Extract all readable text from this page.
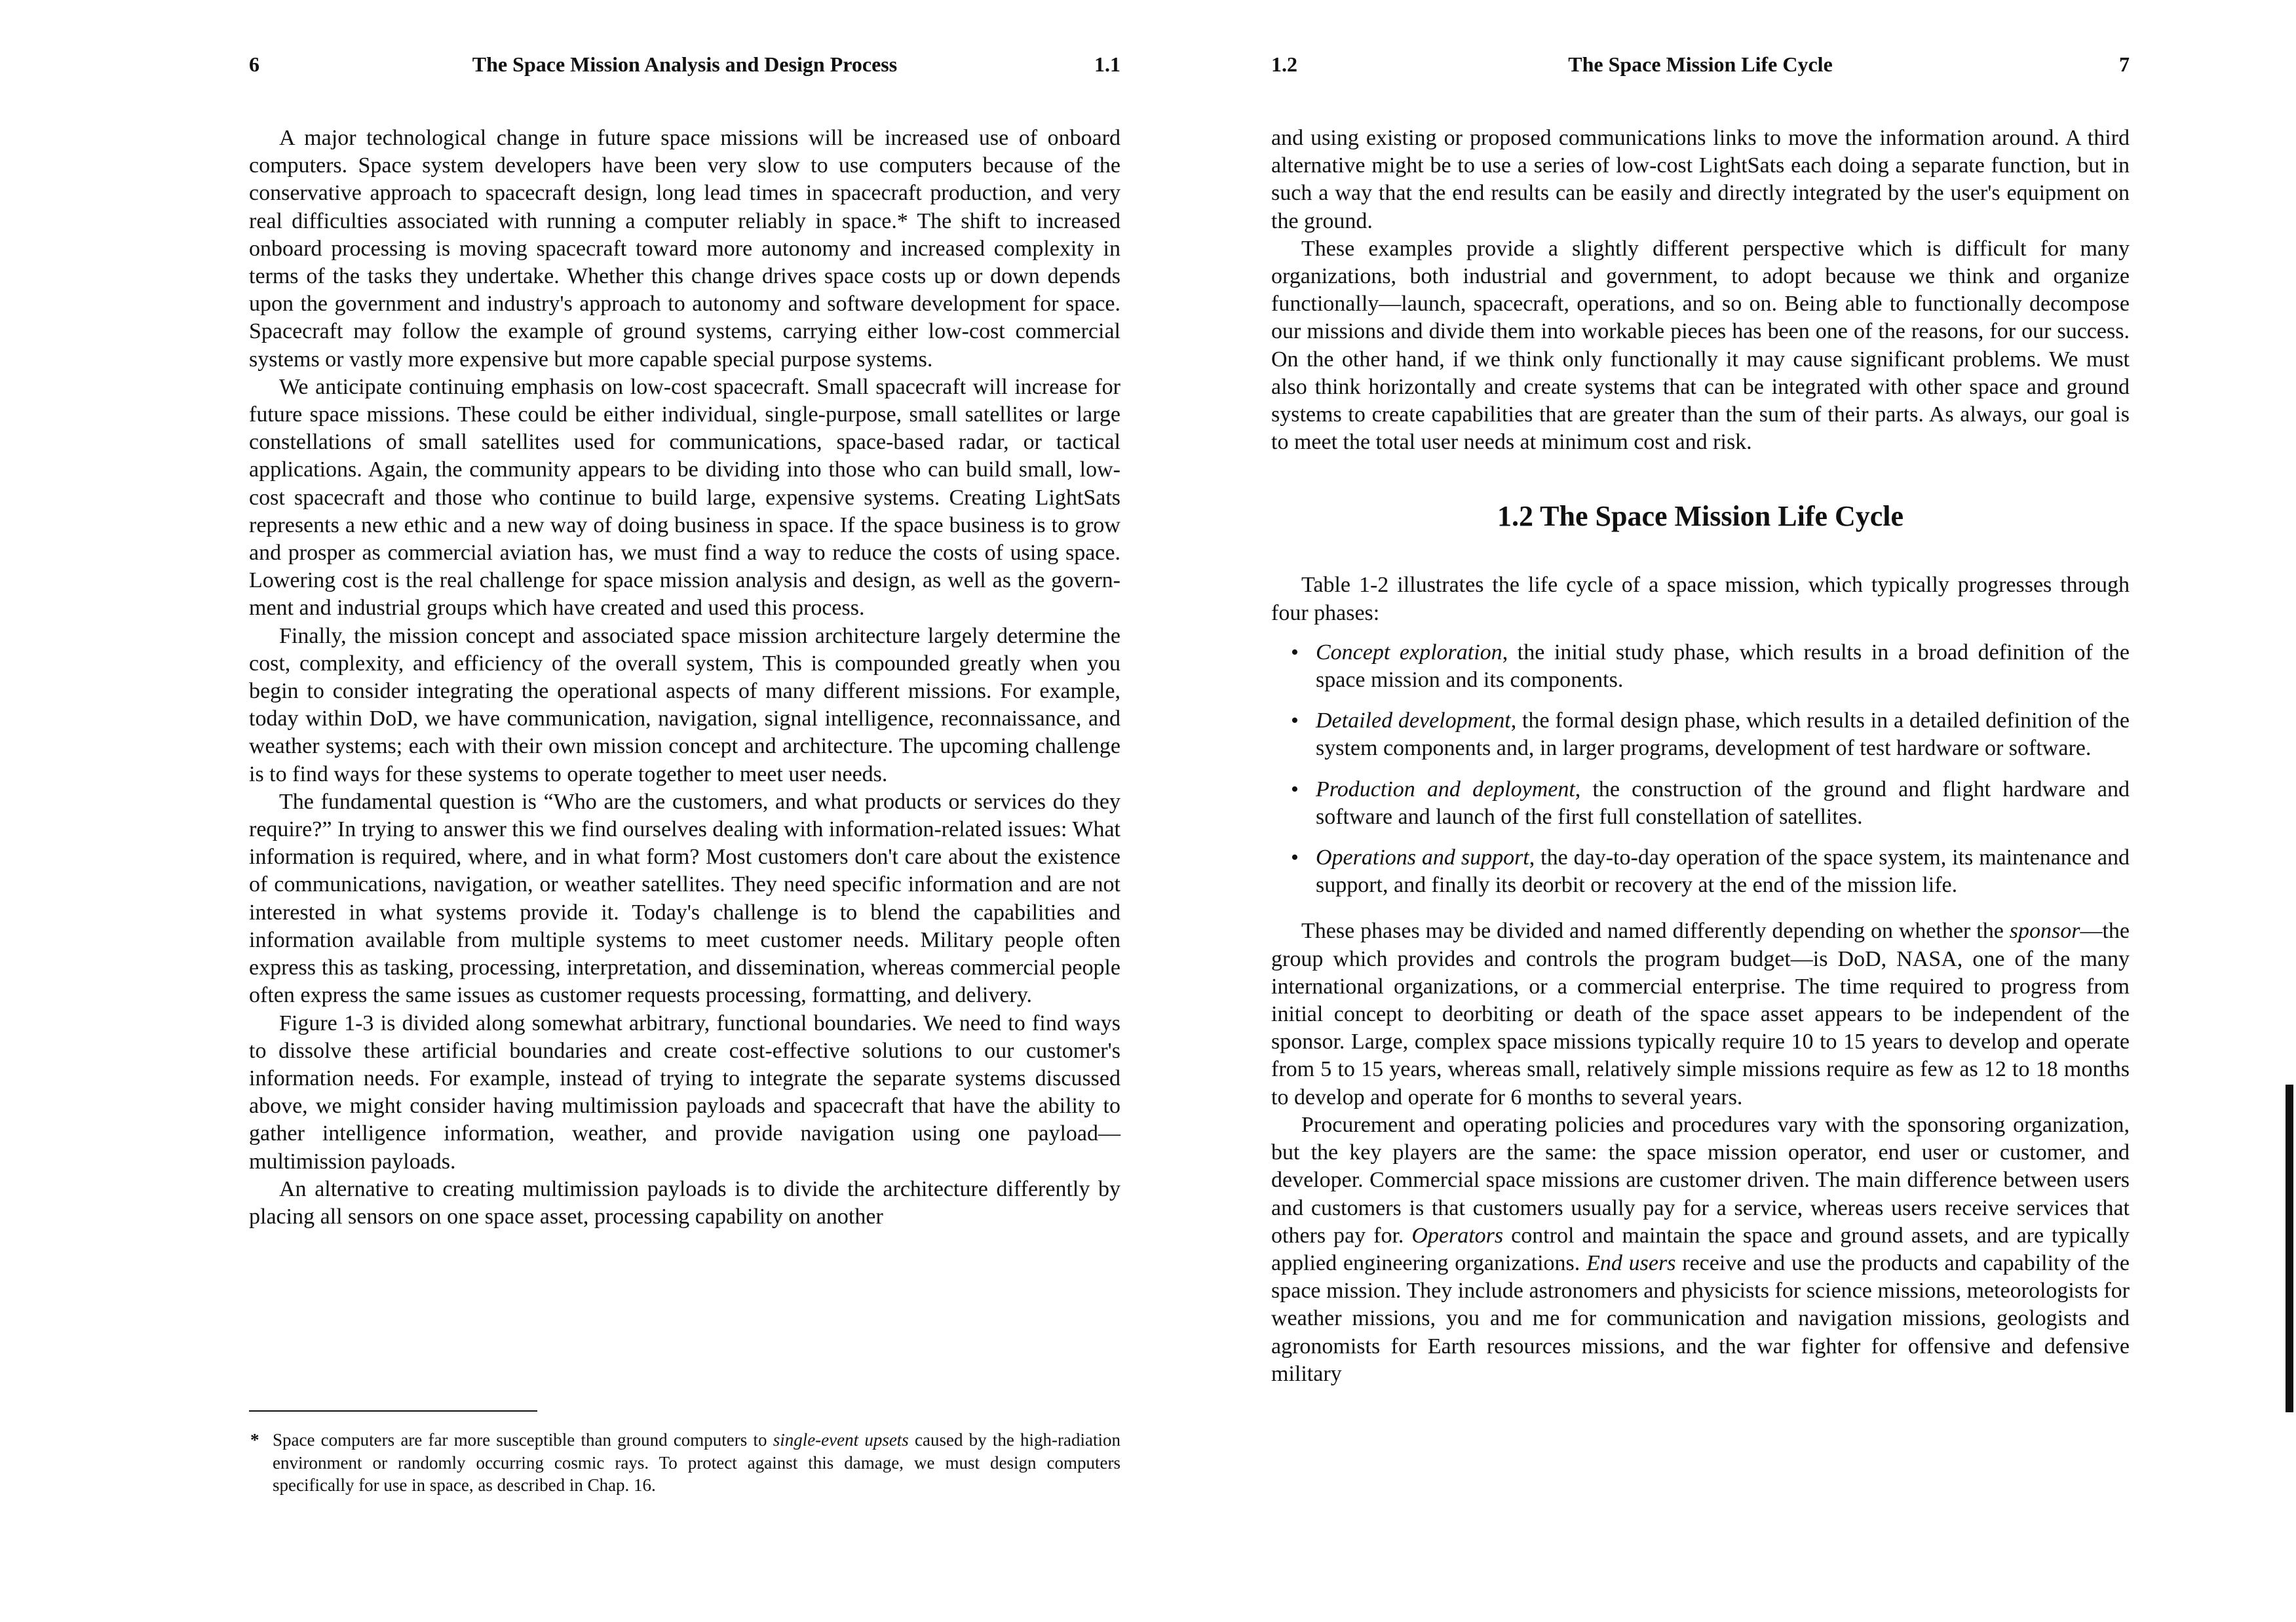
6	The Space Mission Analysis and Design Process	1.1

A major technological change in future space missions will be increased use of onboard computers. Space system developers have been very slow to use computers because of the conservative approach to spacecraft design, long lead times in spacecraft production, and very real difficulties associated with running a computer reliably in space.* The shift to increased onboard processing is moving spacecraft toward more autonomy and increased complexity in terms of the tasks they undertake. Whether this change drives space costs up or down depends upon the government and industry's approach to autonomy and software development for space. Spacecraft may follow the example of ground systems, carrying either low-cost commercial systems or vastly more expensive but more capable special purpose systems.

We anticipate continuing emphasis on low-cost spacecraft. Small spacecraft will increase for future space missions. These could be either individual, single-purpose, small satellites or large constellations of small satellites used for communications, space-based radar, or tactical applications. Again, the community appears to be dividing into those who can build small, low-cost spacecraft and those who continue to build large, expensive systems. Creating LightSats represents a new ethic and a new way of doing business in space. If the space business is to grow and prosper as commercial aviation has, we must find a way to reduce the costs of using space. Lowering cost is the real challenge for space mission analysis and design, as well as the government and industrial groups which have created and used this process.

Finally, the mission concept and associated space mission architecture largely determine the cost, complexity, and efficiency of the overall system, This is compounded greatly when you begin to consider integrating the operational aspects of many different missions. For example, today within DoD, we have communication, navigation, signal intelligence, reconnaissance, and weather systems; each with their own mission concept and architecture. The upcoming challenge is to find ways for these systems to operate together to meet user needs.

The fundamental question is “Who are the customers, and what products or services do they require?” In trying to answer this we find ourselves dealing with information-related issues: What information is required, where, and in what form? Most customers don't care about the existence of communications, navigation, or weather satellites. They need specific information and are not interested in what systems provide it. Today's challenge is to blend the capabilities and information available from multiple systems to meet customer needs. Military people often express this as tasking, processing, interpretation, and dissemination, whereas commercial people often express the same issues as customer requests processing, formatting, and delivery.

Figure 1-3 is divided along somewhat arbitrary, functional boundaries. We need to find ways to dissolve these artificial boundaries and create cost-effective solutions to our customer's information needs. For example, instead of trying to integrate the separate systems discussed above, we might consider having multimission payloads and spacecraft that have the ability to gather intelligence information, weather, and provide navigation using one payload—multimission payloads.

An alternative to creating multimission payloads is to divide the architecture differently by placing all sensors on one space asset, processing capability on another

* Space computers are far more susceptible than ground computers to single-event upsets caused by the high-radiation environment or randomly occurring cosmic rays. To protect against this damage, we must design computers specifically for use in space, as described in Chap. 16.
1.2	The Space Mission Life Cycle	7

and using existing or proposed communications links to move the information around. A third alternative might be to use a series of low-cost LightSats each doing a separate function, but in such a way that the end results can be easily and directly integrated by the user's equipment on the ground.

These examples provide a slightly different perspective which is difficult for many organizations, both industrial and government, to adopt because we think and organize functionally—launch, spacecraft, operations, and so on. Being able to functionally decompose our missions and divide them into workable pieces has been one of the reasons, for our success. On the other hand, if we think only functionally it may cause significant problems. We must also think horizontally and create systems that can be integrated with other space and ground systems to create capabilities that are greater than the sum of their parts. As always, our goal is to meet the total user needs at minimum cost and risk.

1.2 The Space Mission Life Cycle

Table 1-2 illustrates the life cycle of a space mission, which typically progresses through four phases:

• Concept exploration, the initial study phase, which results in a broad definition of the space mission and its components.
• Detailed development, the formal design phase, which results in a detailed definition of the system components and, in larger programs, development of test hardware or software.
• Production and deployment, the construction of the ground and flight hardware and software and launch of the first full constellation of satellites.
• Operations and support, the day-to-day operation of the space system, its maintenance and support, and finally its deorbit or recovery at the end of the mission life.

These phases may be divided and named differently depending on whether the sponsor—the group which provides and controls the program budget—is DoD, NASA, one of the many international organizations, or a commercial enterprise. The time required to progress from initial concept to deorbiting or death of the space asset appears to be independent of the sponsor. Large, complex space missions typically require 10 to 15 years to develop and operate from 5 to 15 years, whereas small, relatively simple missions require as few as 12 to 18 months to develop and operate for 6 months to several years.

Procurement and operating policies and procedures vary with the sponsoring organization, but the key players are the same: the space mission operator, end user or customer, and developer. Commercial space missions are customer driven. The main difference between users and customers is that customers usually pay for a service, whereas users receive services that others pay for. Operators control and maintain the space and ground assets, and are typically applied engineering organizations. End users receive and use the products and capability of the space mission. They include astronomers and physicists for science missions, meteorologists for weather missions, you and me for communication and navigation missions, geologists and agronomists for Earth resources missions, and the war fighter for offensive and defensive military
